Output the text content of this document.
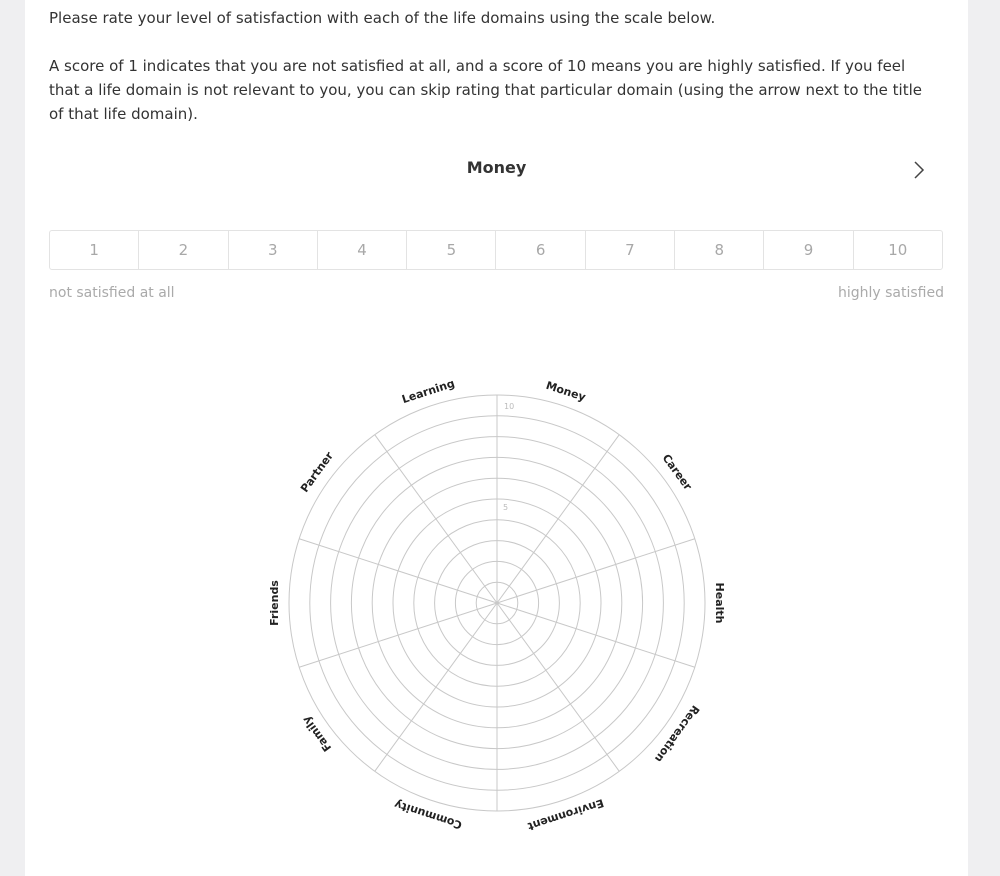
Please rate your level of satisfaction with each of the life domains using the scale below.

A score of 1 indicates that you are not satisfied at all, and a score of 10 means you are highly satisfied. If you feel that a life domain is not relevant to you, you can skip rating that particular domain (using the arrow next to the title of that life domain).

Money
1	2	3	4	5	6	7	8	9	10
not satisfied at all	highly satisfied
10
5
Money
Career
Health
Recreation
Environment
Community
Family
Friends
Partner
Learning
